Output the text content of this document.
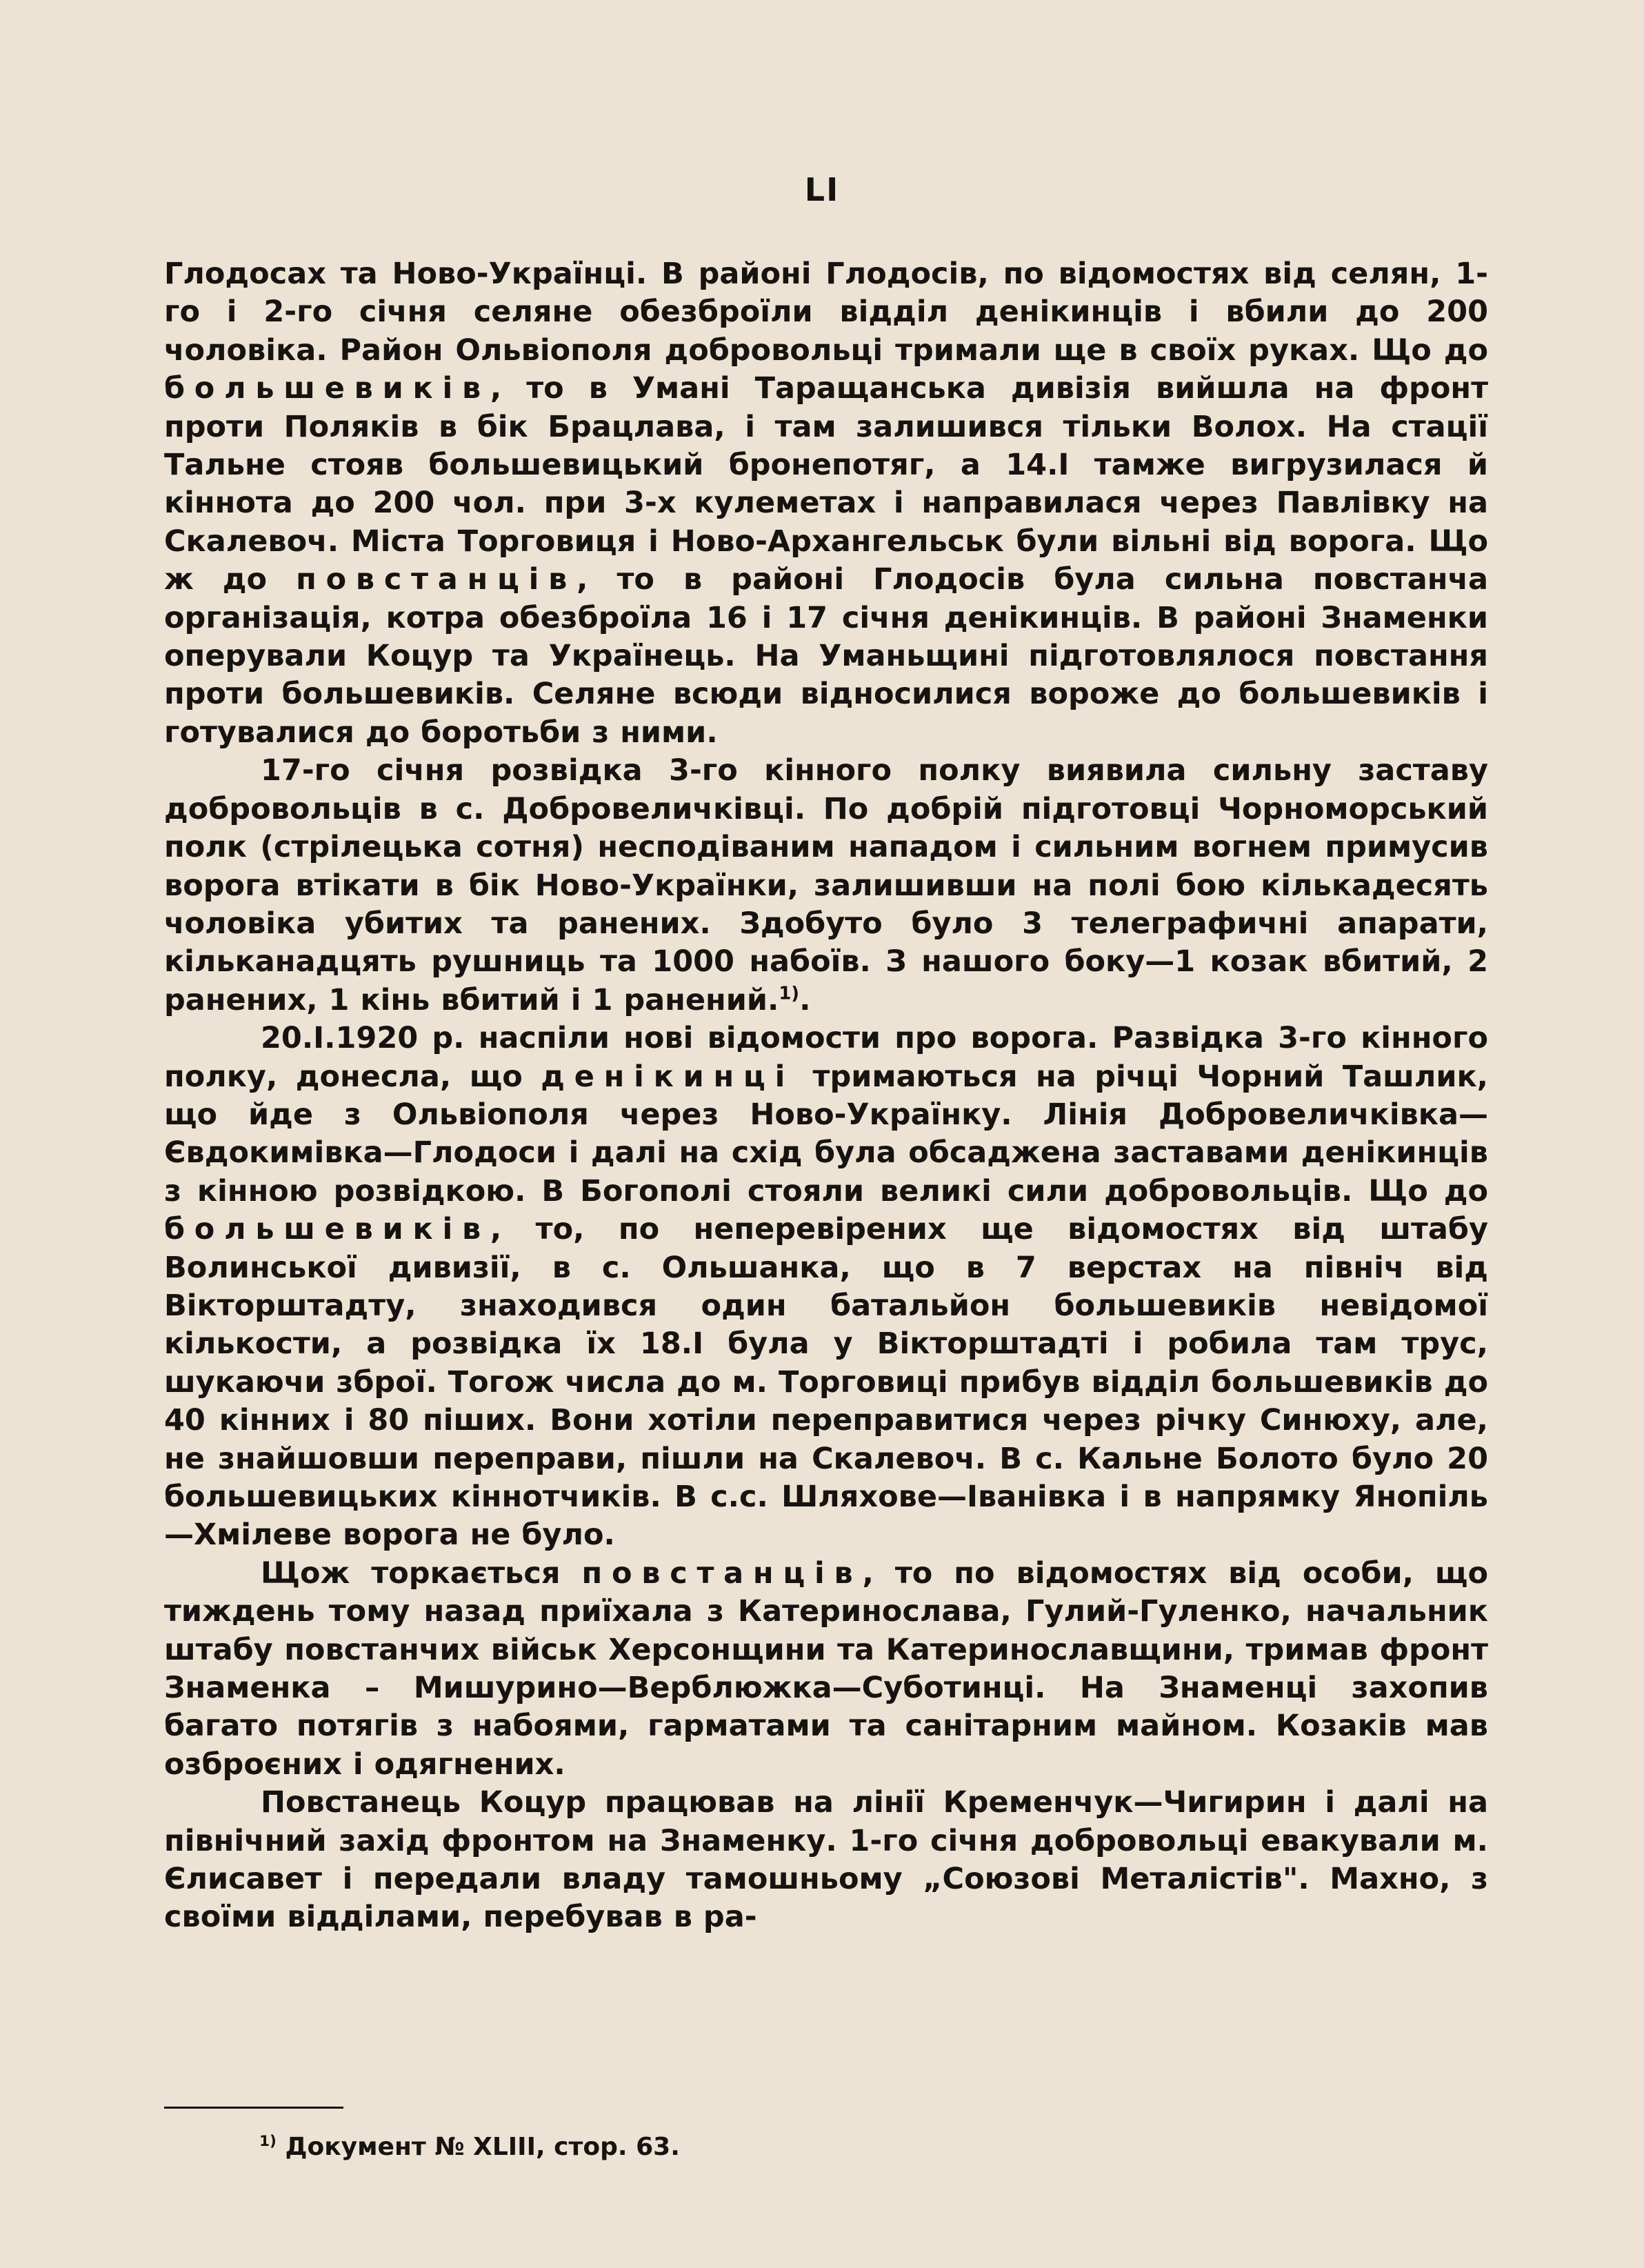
LI

Глодосах та Ново-Українці. В районі Глодосів, по відомостях від селян, 1-го і 2-го січня селяне обезброїли відділ денікинців і вбили до 200 чоловіка. Район Ольвіополя добровольці тримали ще в своїх руках. Що до большевиків, то в Умані Таращанська дивізія вийшла на фронт проти Поляків в бік Брацлава, і там залишився тільки Волох. На стації Тальне стояв большевицький бронепотяг, а 14.І тамже вигрузилася й кіннота до 200 чол. при 3-х кулеметах і направилася через Павлівку на Скалевоч. Міста Торговиця і Ново-Архангельськ були вільні від ворога. Що ж до повстанців, то в районі Глодосів була сильна повстанча організація, котра обезброїла 16 і 17 січня денікинців. В районі Знаменки оперували Коцур та Українець. На Уманьщині підготовлялося повстання проти большевиків. Селяне всюди відносилися вороже до большевиків і готувалися до боротьби з ними.

17-го січня розвідка 3-го кінного полку виявила сильну заставу добровольців в с. Добровеличківці. По добрій підготовці Чорноморський полк (стрілецька сотня) несподіваним нападом і сильним вогнем примусив ворога втікати в бік Ново-Українки, залишивши на полі бою кількадесять чоловіка убитих та ранених. Здобуто було 3 телеграфичні апарати, кільканадцять рушниць та 1000 набоїв. З нашого боку—1 козак вбитий, 2 ранених, 1 кінь вбитий і 1 ранений.$^{1)}$.

20.І.1920 р. наспіли нові відомости про ворога. Развідка 3-го кінного полку, донесла, що денікинці тримаються на річці Чорний Ташлик, що йде з Ольвіополя через Ново-Українку. Лінія Добровеличківка—Євдокимівка—Глодоси і далі на схід була обсаджена заставами денікинців з кінною розвідкою. В Богополі стояли великі сили добровольців. Що до большевиків, то, по неперевірених ще відомостях від штабу Волинської дивизії, в с. Ольшанка, що в 7 верстах на північ від Вікторштадту, знаходився один батальйон большевиків невідомої кількости, а розвідка їх 18.І була у Вікторштадті і робила там трус, шукаючи зброї. Тогож числа до м. Торговиці прибув відділ большевиків до 40 кінних і 80 піших. Вони хотіли переправитися через річку Синюху, але, не знайшовши переправи, пішли на Скалевоч. В с. Кальне Болото було 20 большевицьких кіннотчиків. В с.с. Шляхове—Іванівка і в напрямку Янопіль—Хмілеве ворога не було.

Щож торкається повстанців, то по відомостях від особи, що тиждень тому назад приїхала з Катеринослава, Гулий-Гуленко, начальник штабу повстанчих військ Херсонщини та Катеринославщини, тримав фронт Знаменка – Мишурино—Верблюжка—Суботинці. На Знаменці захопив багато потягів з набоями, гарматами та санітарним майном. Козаків мав озброєних і одягнених.

Повстанець Коцур працював на лінії Кременчук—Чигирин і далі на північний захід фронтом на Знаменку. 1-го січня добровольці евакували м. Єлисавет і передали владу тамошньому „Союзові Металістів". Махно, з своїми відділами, перебував в ра-

$^{1)}$ Документ № XLIII, стор. 63.
